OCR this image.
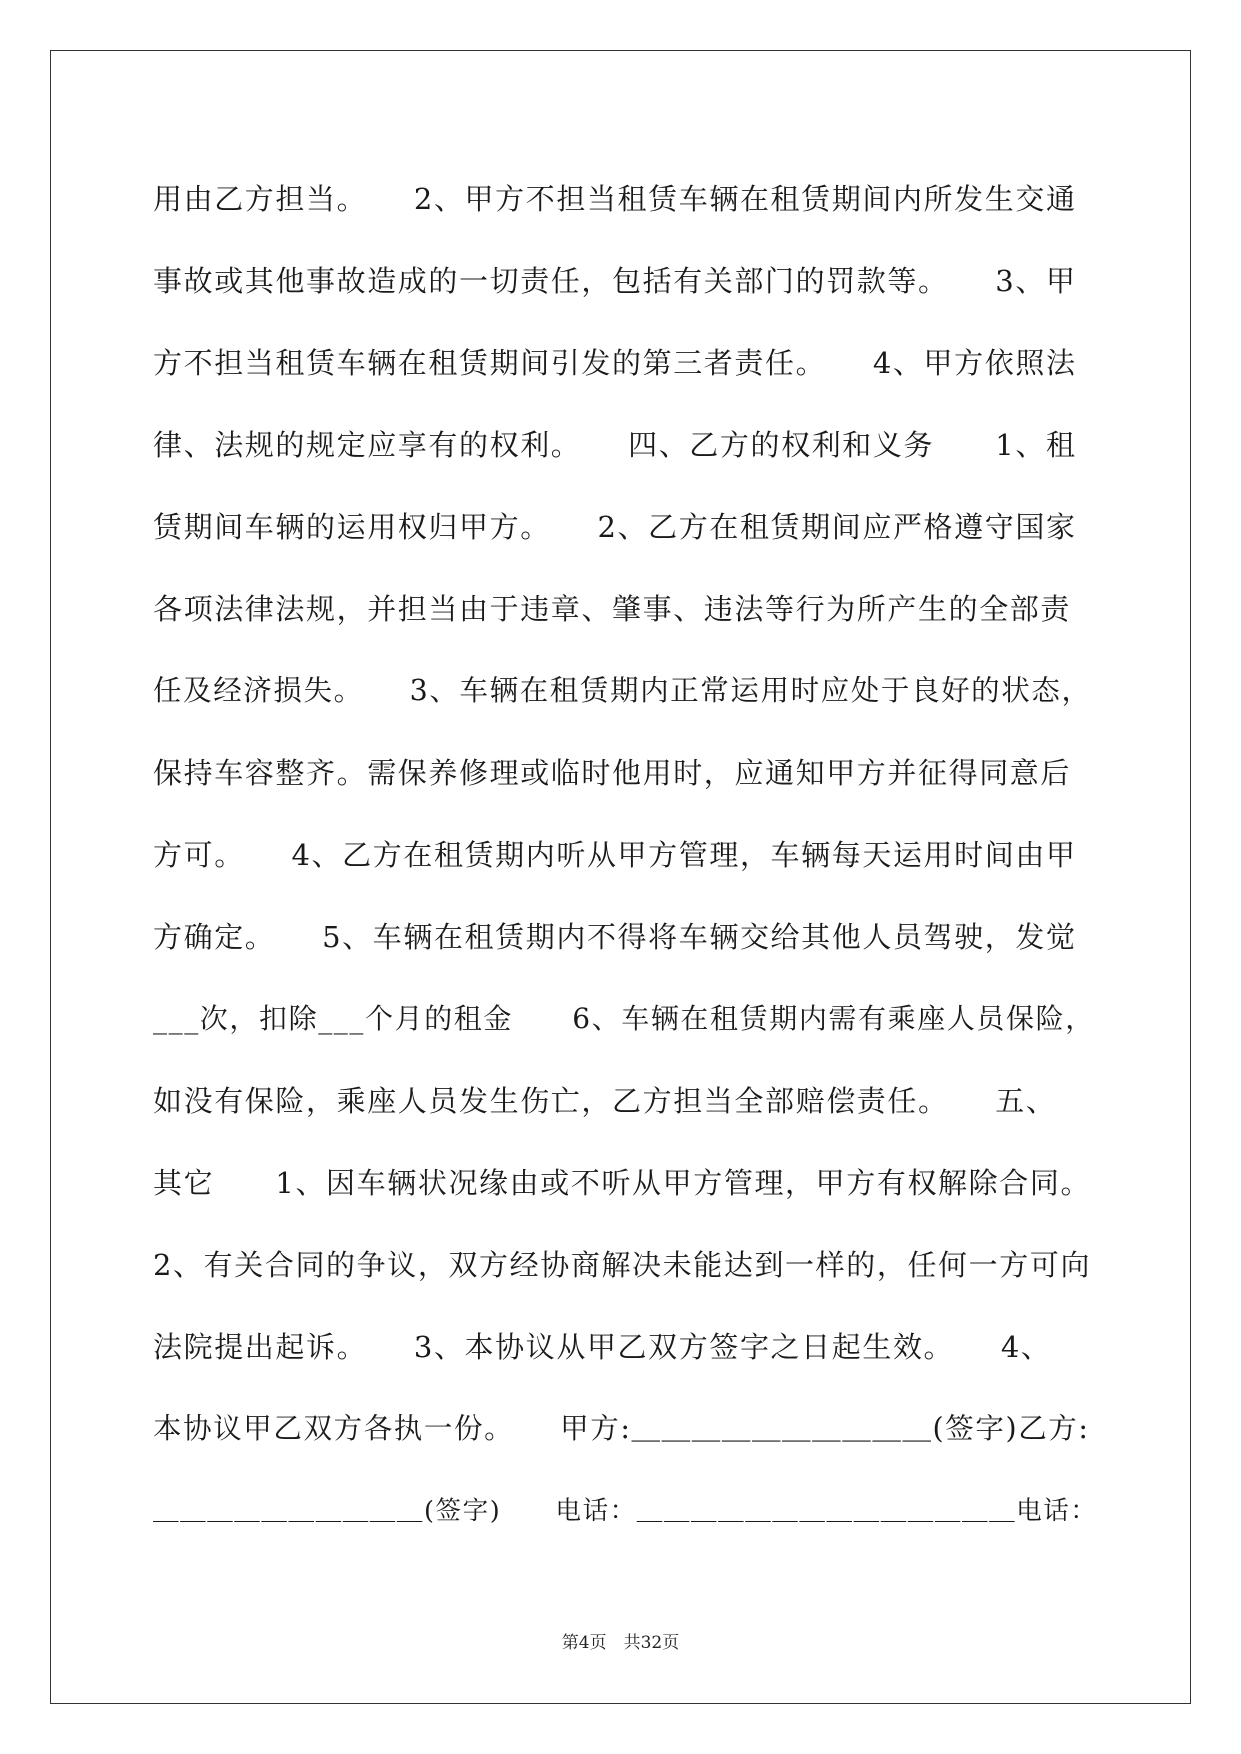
用由乙方担当。　　2、甲方不担当租赁车辆在租赁期间内所发生交通
事故或其他事故造成的一切责任，包括有关部门的罚款等。　　3、甲
方不担当租赁车辆在租赁期间引发的第三者责任。　　4、甲方依照法
律、法规的规定应享有的权利。　　四、乙方的权利和义务　　1、租
赁期间车辆的运用权归甲方。　　2、乙方在租赁期间应严格遵守国家
各项法律法规，并担当由于违章、肇事、违法等行为所产生的全部责
任及经济损失。　　3、车辆在租赁期内正常运用时应处于良好的状态，
保持车容整齐。需保养修理或临时他用时，应通知甲方并征得同意后
方可。　　4、乙方在租赁期内听从甲方管理，车辆每天运用时间由甲
方确定。　　5、车辆在租赁期内不得将车辆交给其他人员驾驶，发觉
___次，扣除___个月的租金　　6、车辆在租赁期内需有乘座人员保险，
如没有保险，乘座人员发生伤亡，乙方担当全部赔偿责任。　　五、
其它　　1、因车辆状况缘由或不听从甲方管理，甲方有权解除合同。
2、有关合同的争议，双方经协商解决未能达到一样的，任何一方可向
法院提出起诉。　　3、本协议从甲乙双方签字之日起生效。　　4、
本协议甲乙双方各执一份。　　甲方:＿＿＿＿＿＿＿＿＿＿(签字)乙方:
＿＿＿＿＿＿＿＿＿＿(签字)　　电话：＿＿＿＿＿＿＿＿＿＿＿＿＿＿电话：
第4页　共32页
